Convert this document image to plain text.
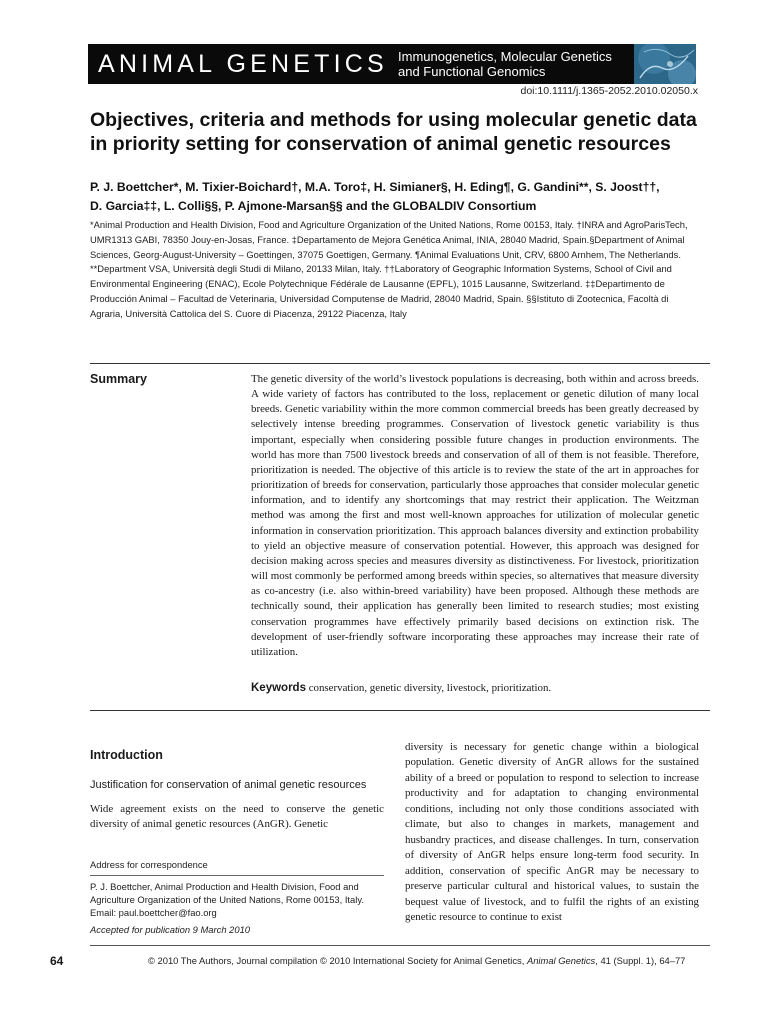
ANIMAL GENETICS Immunogenetics, Molecular Genetics
and Functional Genomics
doi:10.1111/j.1365-2052.2010.02050.x
Objectives, criteria and methods for using molecular genetic data in priority setting for conservation of animal genetic resources
P. J. Boettcher*, M. Tixier-Boichard†, M.A. Toro‡, H. Simianer§, H. Eding¶, G. Gandini**, S. Joost††,
D. Garcia‡‡, L. Colli§§, P. Ajmone-Marsan§§ and the GLOBALDIV Consortium
*Animal Production and Health Division, Food and Agriculture Organization of the United Nations, Rome 00153, Italy. †INRA and AgroParisTech, UMR1313 GABI, 78350 Jouy-en-Josas, France. ‡Departamento de Mejora Genética Animal, INIA, 28040 Madrid, Spain.§Department of Animal Sciences, Georg-August-University – Goettingen, 37075 Goettigen, Germany. ¶Animal Evaluations Unit, CRV, 6800 Arnhem, The Netherlands. **Department VSA, Università degli Studi di Milano, 20133 Milan, Italy. ††Laboratory of Geographic Information Systems, School of Civil and Environmental Engineering (ENAC), Ecole Polytechnique Fédérale de Lausanne (EPFL), 1015 Lausanne, Switzerland. ‡‡Departimento de Producción Animal – Facultad de Veterinaria, Universidad Computense de Madrid, 28040 Madrid, Spain. §§Istituto di Zootecnica, Facoltà di Agraria, Università Cattolica del S. Cuore di Piacenza, 29122 Piacenza, Italy
Summary	The genetic diversity of the world’s livestock populations is decreasing, both within and across breeds. A wide variety of factors has contributed to the loss, replacement or genetic dilution of many local breeds. Genetic variability within the more common commercial breeds has been greatly decreased by selectively intense breeding programmes. Conservation of livestock genetic variability is thus important, especially when considering possible future changes in production environments. The world has more than 7500 livestock breeds and conservation of all of them is not feasible. Therefore, prioritization is needed. The objective of this article is to review the state of the art in approaches for prioritization of breeds for conservation, particularly those approaches that consider molecular genetic information, and to identify any shortcomings that may restrict their application. The Weitzman method was among the first and most well-known approaches for utilization of molecular genetic information in conservation prioritization. This approach balances diversity and extinction probability to yield an objective measure of conservation potential. However, this approach was designed for decision making across species and measures diversity as distinctiveness. For livestock, prioritization will most commonly be performed among breeds within species, so alternatives that measure diversity as co-ancestry (i.e. also within-breed variability) have been proposed. Although these methods are technically sound, their application has generally been limited to research studies; most existing conservation programmes have effectively primarily based decisions on extinction risk. The development of user-friendly software incorporating these approaches may increase their rate of utilization.
Keywords conservation, genetic diversity, livestock, prioritization.
Introduction
Justification for conservation of animal genetic resources
Wide agreement exists on the need to conserve the genetic diversity of animal genetic resources (AnGR). Genetic
Address for correspondence
P. J. Boettcher, Animal Production and Health Division, Food and Agriculture Organization of the United Nations, Rome 00153, Italy.
Email: paul.boettcher@fao.org
Accepted for publication 9 March 2010
diversity is necessary for genetic change within a biological population. Genetic diversity of AnGR allows for the sustained ability of a breed or population to respond to selection to increase productivity and for adaptation to changing environmental conditions, including not only those conditions associated with climate, but also to changes in markets, management and husbandry practices, and disease challenges. In turn, conservation of diversity of AnGR helps ensure long-term food security. In addition, conservation of specific AnGR may be necessary to preserve particular cultural and historical values, to sustain the bequest value of livestock, and to fulfil the rights of an existing genetic resource to continue to exist
64	© 2010 The Authors, Journal compilation © 2010 International Society for Animal Genetics, Animal Genetics, 41 (Suppl. 1), 64–77
